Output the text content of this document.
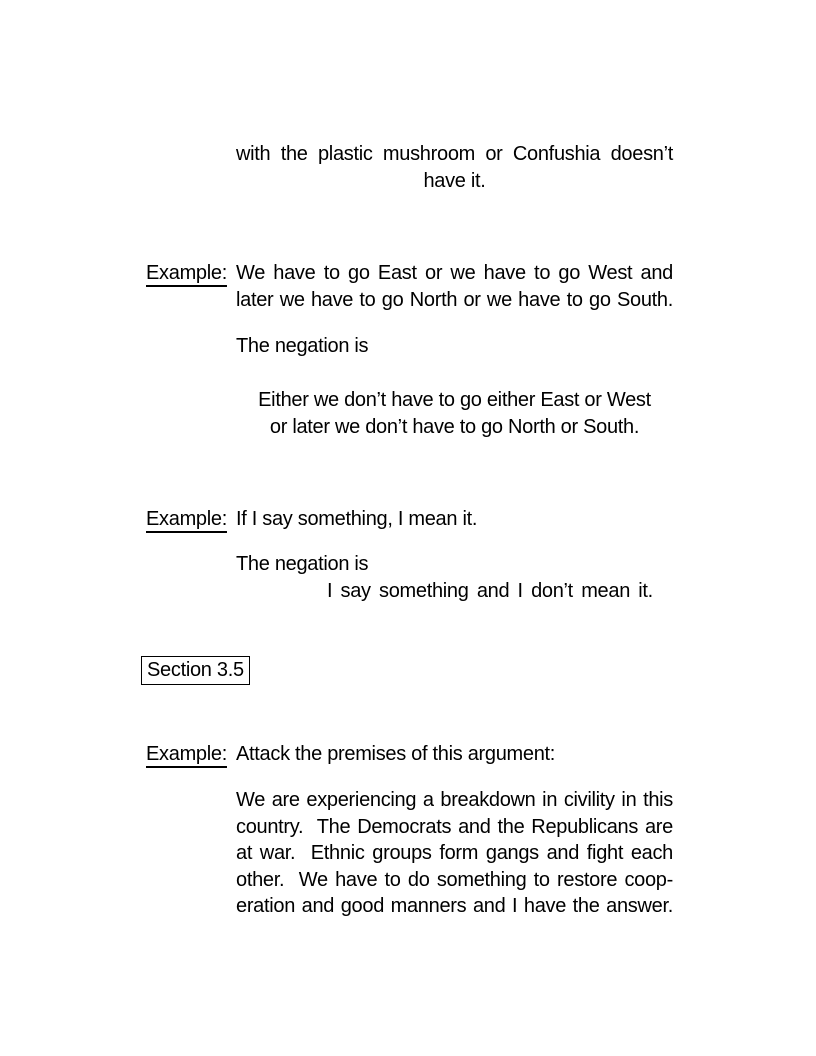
with the plastic mushroom or Confushia doesn’t
have it.
Example: We have to go East or we have to go West and
later we have to go North or we have to go South.
The negation is
Either we don’t have to go either East or West
or later we don’t have to go North or South.
Example: If I say something, I mean it.
The negation is
I say something and I don’t mean it.
Section 3.5
Example: Attack the premises of this argument:
We are experiencing a breakdown in civility in this
country.  The Democrats and the Republicans are
at war.  Ethnic groups form gangs and fight each
other.  We have to do something to restore coop-
eration and good manners and I have the answer.
